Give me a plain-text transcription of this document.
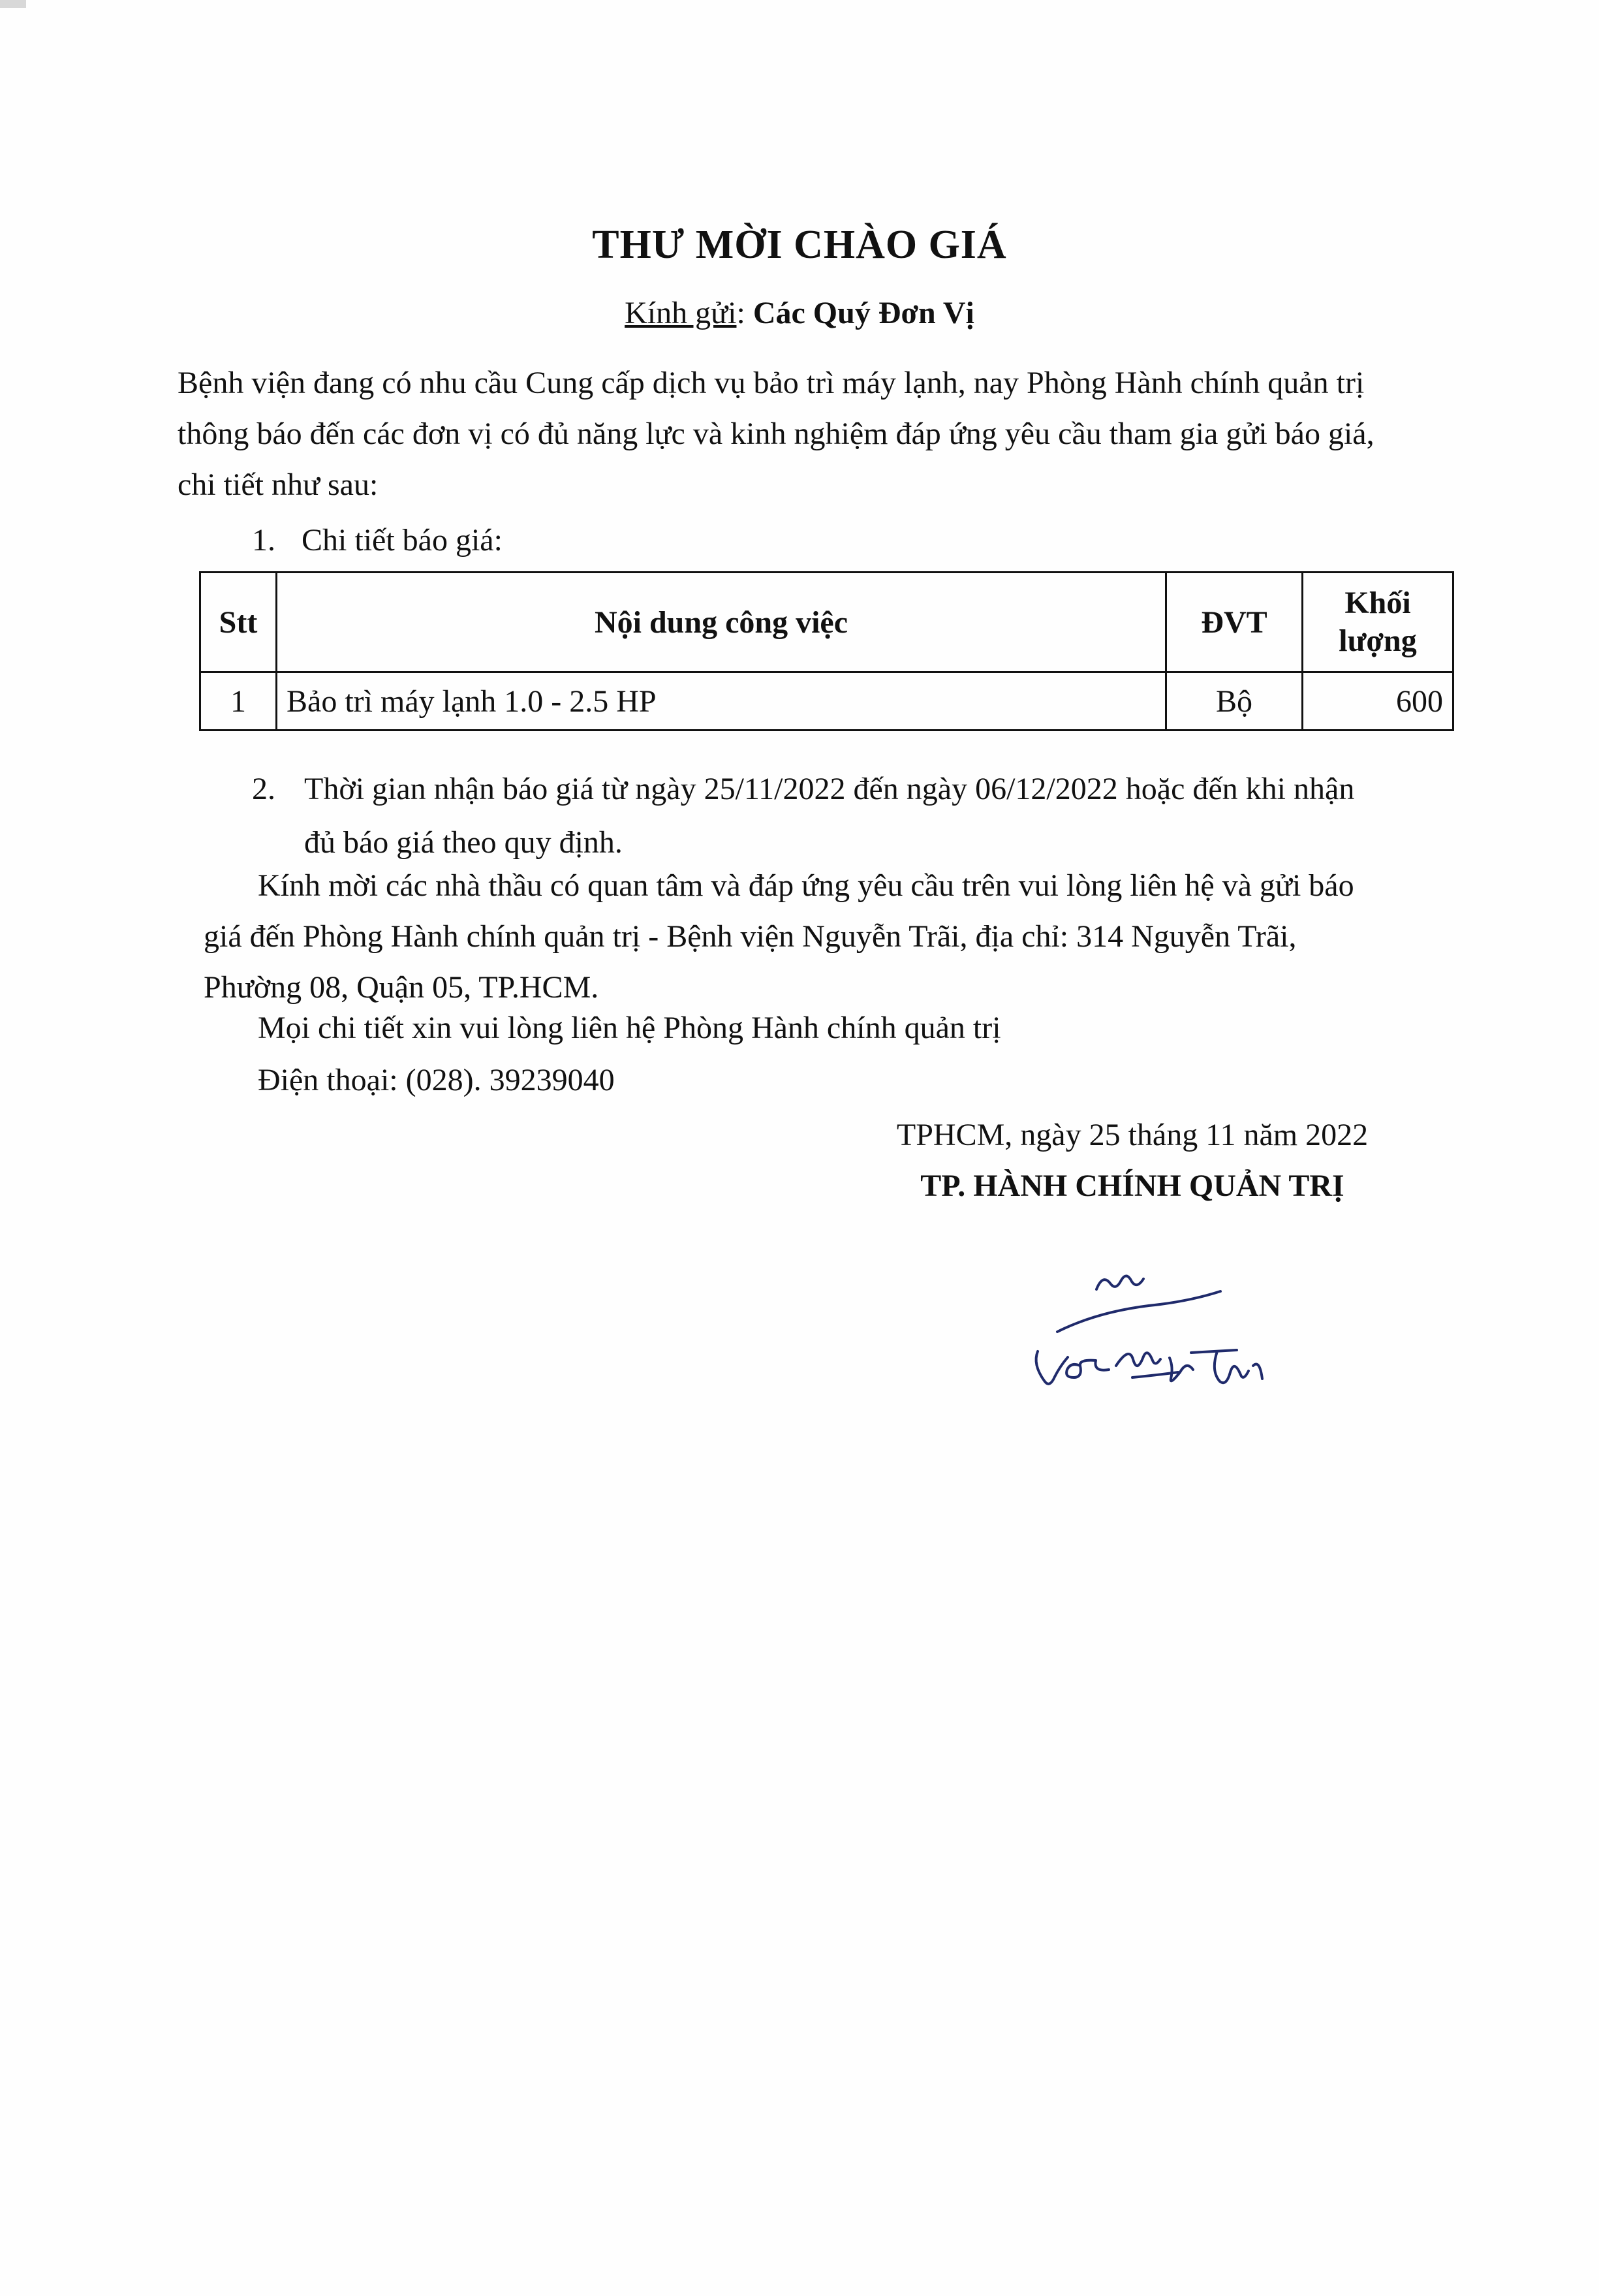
THƯ MỜI CHÀO GIÁ
Kính gửi: Các Quý Đơn Vị
Bệnh viện đang có nhu cầu Cung cấp dịch vụ bảo trì máy lạnh, nay Phòng Hành chính quản trị
thông báo đến các đơn vị có đủ năng lực và kinh nghiệm đáp ứng yêu cầu tham gia gửi báo giá,
chi tiết như sau:
1. Chi tiết báo giá:
Stt	Nội dung công việc	ĐVT	Khối
lượng
1	Bảo trì máy lạnh 1.0 - 2.5 HP	Bộ	600
2. Thời gian nhận báo giá từ ngày 25/11/2022 đến ngày 06/12/2022 hoặc đến khi nhận
đủ báo giá theo quy định.
Kính mời các nhà thầu có quan tâm và đáp ứng yêu cầu trên vui lòng liên hệ và gửi báo
giá đến Phòng Hành chính quản trị - Bệnh viện Nguyễn Trãi, địa chỉ: 314 Nguyễn Trãi,
Phường 08, Quận 05, TP.HCM.
Mọi chi tiết xin vui lòng liên hệ Phòng Hành chính quản trị
Điện thoại: (028). 39239040
TPHCM, ngày 25 tháng 11 năm 2022
TP. HÀNH CHÍNH QUẢN TRỊ
